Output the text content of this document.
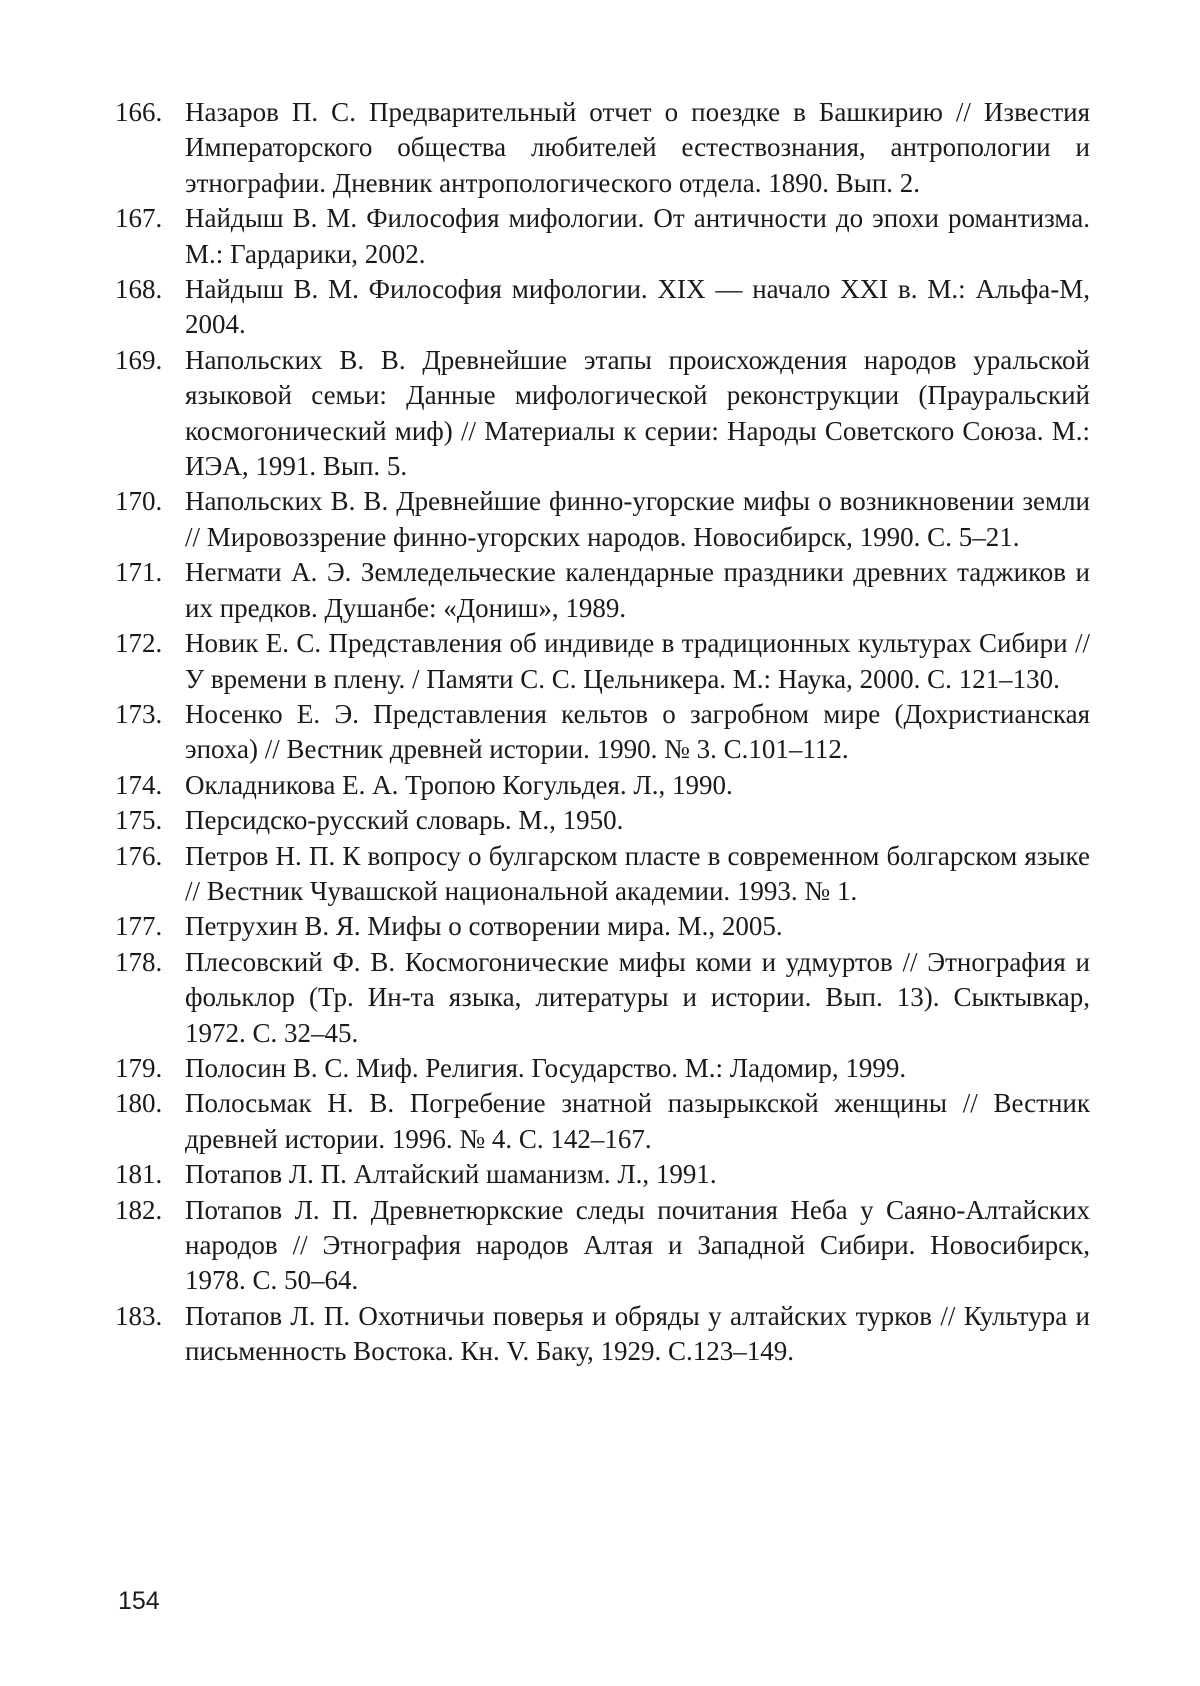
166. Назаров П. С. Предварительный отчет о поездке в Башкирию // Известия Императорского общества любителей естествознания, антропологии и этнографии. Дневник антропологического отдела. 1890. Вып. 2.
167. Найдыш В. М. Философия мифологии. От античности до эпохи романтизма. М.: Гардарики, 2002.
168. Найдыш В. М. Философия мифологии. XIX — начало XXI в. М.: Альфа-М, 2004.
169. Напольских В. В. Древнейшие этапы происхождения народов уральской языковой семьи: Данные мифологической реконструкции (Прауральский космогонический миф) // Материалы к серии: Народы Советского Союза. М.: ИЭА, 1991. Вып. 5.
170. Напольских В. В. Древнейшие финно-угорские мифы о возникновении земли // Мировоззрение финно-угорских народов. Новосибирск, 1990. С. 5–21.
171. Негмати А. Э. Земледельческие календарные праздники древних таджиков и их предков. Душанбе: «Дониш», 1989.
172. Новик Е. С. Представления об индивиде в традиционных культурах Сибири // У времени в плену. / Памяти С. С. Цельникера. М.: Наука, 2000. С. 121–130.
173. Носенко Е. Э. Представления кельтов о загробном мире (Дохристианская эпоха) // Вестник древней истории. 1990. № 3. С.101–112.
174. Окладникова Е. А. Тропою Когульдея. Л., 1990.
175. Персидско-русский словарь. М., 1950.
176. Петров Н. П. К вопросу о булгарском пласте в современном болгарском языке // Вестник Чувашской национальной академии. 1993. № 1.
177. Петрухин В. Я. Мифы о сотворении мира. М., 2005.
178. Плесовский Ф. В. Космогонические мифы коми и удмуртов // Этнография и фольклор (Тр. Ин-та языка, литературы и истории. Вып. 13). Сыктывкар, 1972. С. 32–45.
179. Полосин В. С. Миф. Религия. Государство. М.: Ладомир, 1999.
180. Полосьмак Н. В. Погребение знатной пазырыкской женщины // Вестник древней истории. 1996. № 4. С. 142–167.
181. Потапов Л. П. Алтайский шаманизм. Л., 1991.
182. Потапов Л. П. Древнетюркские следы почитания Неба у Саяно-Алтайских народов // Этнография народов Алтая и Западной Сибири. Новосибирск, 1978. С. 50–64.
183. Потапов Л. П. Охотничьи поверья и обряды у алтайских турков // Культура и письменность Востока. Кн. V. Баку, 1929. С.123–149.
154
